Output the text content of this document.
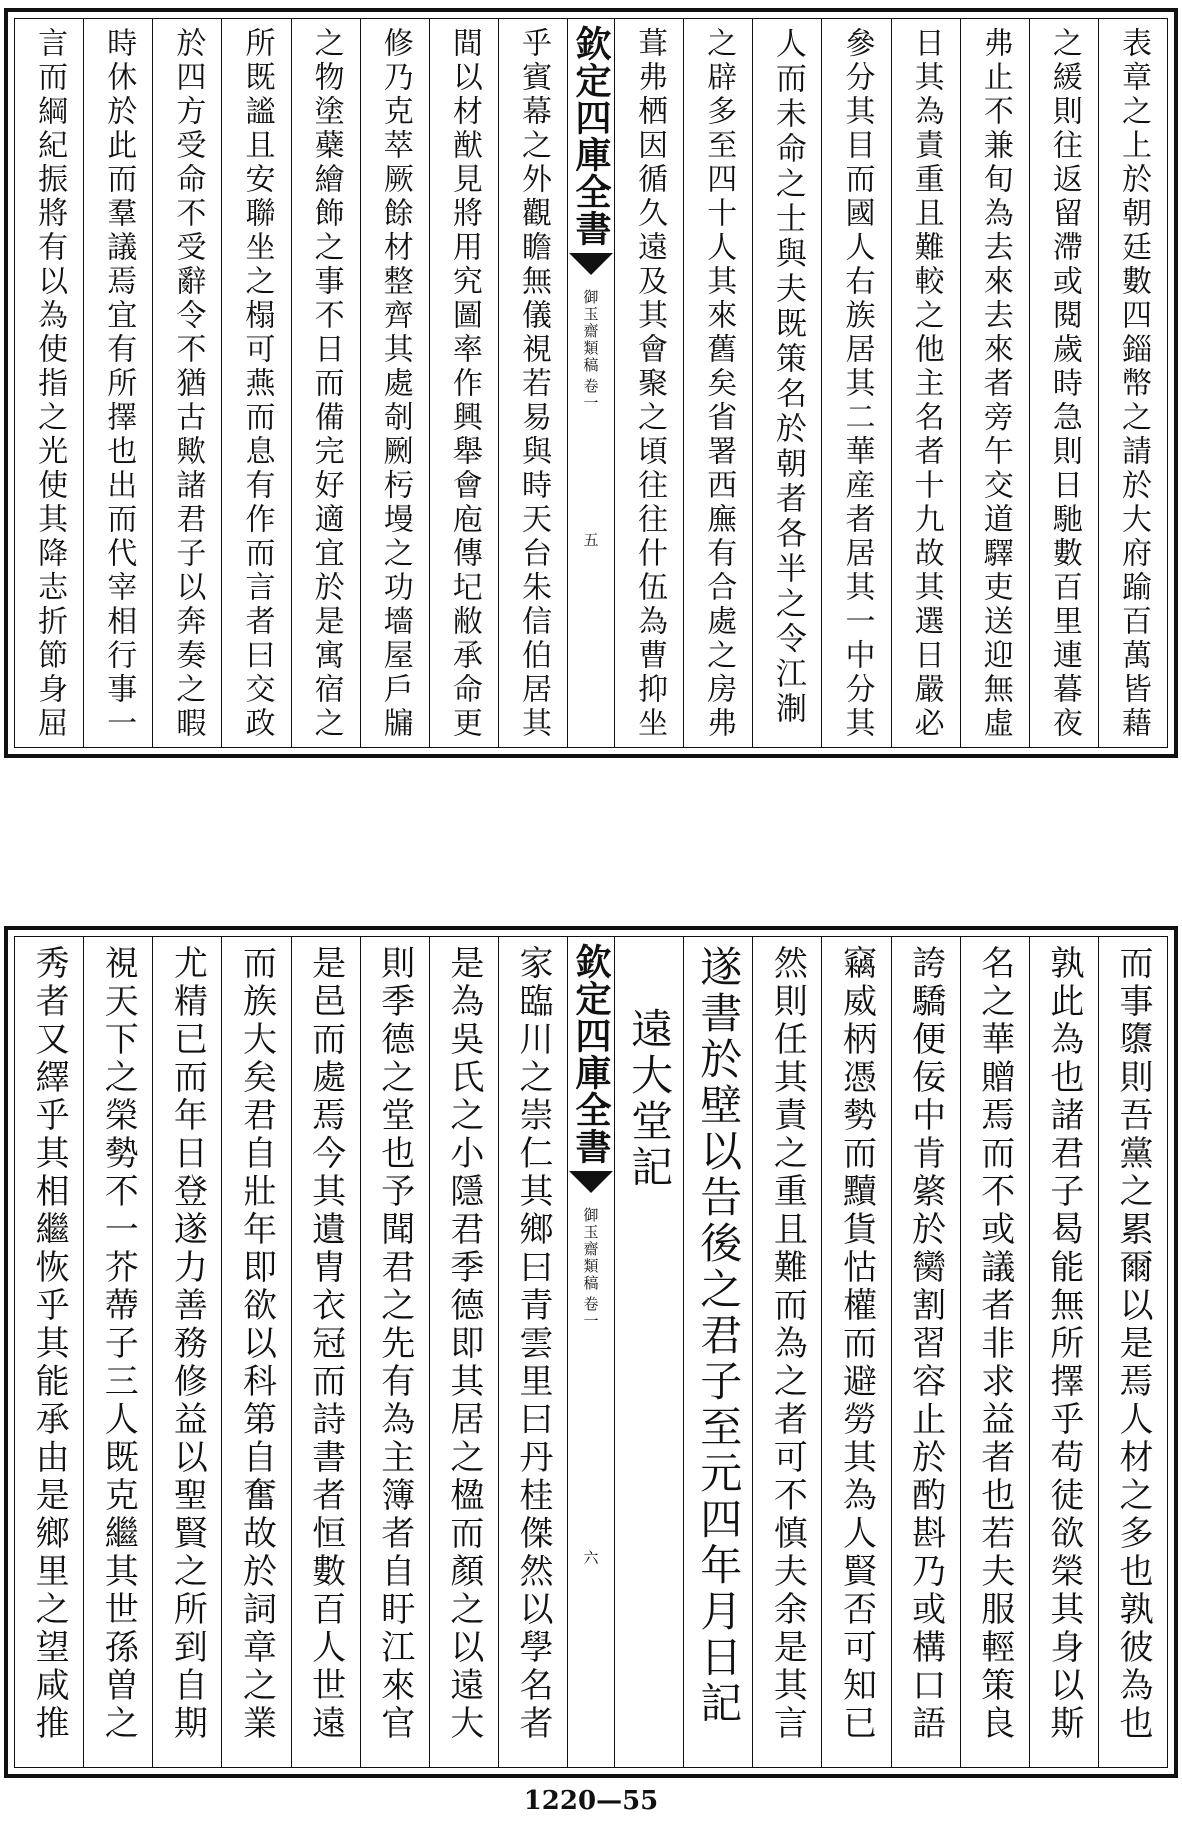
表章之上於朝廷數四錙幣之請於大府踰百萬皆藉
之緩則往返留滯或閱歲時急則日馳數百里連暮夜
弗止不兼旬為去來去來者旁午交道驛吏送迎無虛
日其為責重且難較之他主名者十九故其選日嚴必
參分其目而國人右族居其二華産者居其一中分其
人而未命之士與夫既策名於朝者各半之令江淛
之辟多至四十人其來舊矣省署西廡有合處之房弗
葺弗栖因循久遠及其會聚之頃往往什伍為曹抑坐
欽定四庫全書
御玉齋類稿
卷一
五
乎賓幕之外觀瞻無儀視若易與時天台朱信伯居其
間以材猷見將用究圖率作興舉會庖傳圮敝承命更
修乃克萃厥餘材整齊其處剞劂杇墁之功墻屋戶牖
之物塗蘗繪飾之事不日而備完好適宜於是寓宿之
所既謐且安聯坐之榻可燕而息有作而言者曰交政
於四方受命不受辭令不猶古歟諸君子以奔奏之暇
時休於此而羣議焉宜有所擇也出而代宰相行事一
言而綱紀振將有以為使指之光使其降志折節身屈
而事隳則吾黨之累爾以是焉人材之多也孰彼為也
孰此為也諸君子曷能無所擇乎苟徒欲榮其身以斯
名之華贈焉而不或議者非求益者也若夫服輕策良
誇驕便佞中肯綮於臠割習容止於酌斟乃或構口語
竊威柄憑勢而黷貨怙權而避勞其為人賢否可知已
然則任其責之重且難而為之者可不慎夫余是其言
遂書於壁以告後之君子至元四年月日記
遠大堂記
欽定四庫全書
御玉齋類稿
卷一
六
家臨川之崇仁其鄉曰青雲里曰丹桂傑然以學名者
是為吳氏之小隱君季德即其居之楹而顏之以遠大
則季德之堂也予聞君之先有為主簿者自盱江來官
是邑而處焉今其遺胄衣冠而詩書者恒數百人世遠
而族大矣君自壯年即欲以科第自奮故於詞章之業
尤精已而年日登遂力善務修益以聖賢之所到自期
視天下之榮勢不一芥蔕子三人既克繼其世孫曽之
秀者又繹乎其相繼恢乎其能承由是鄉里之望咸推
1220—55
